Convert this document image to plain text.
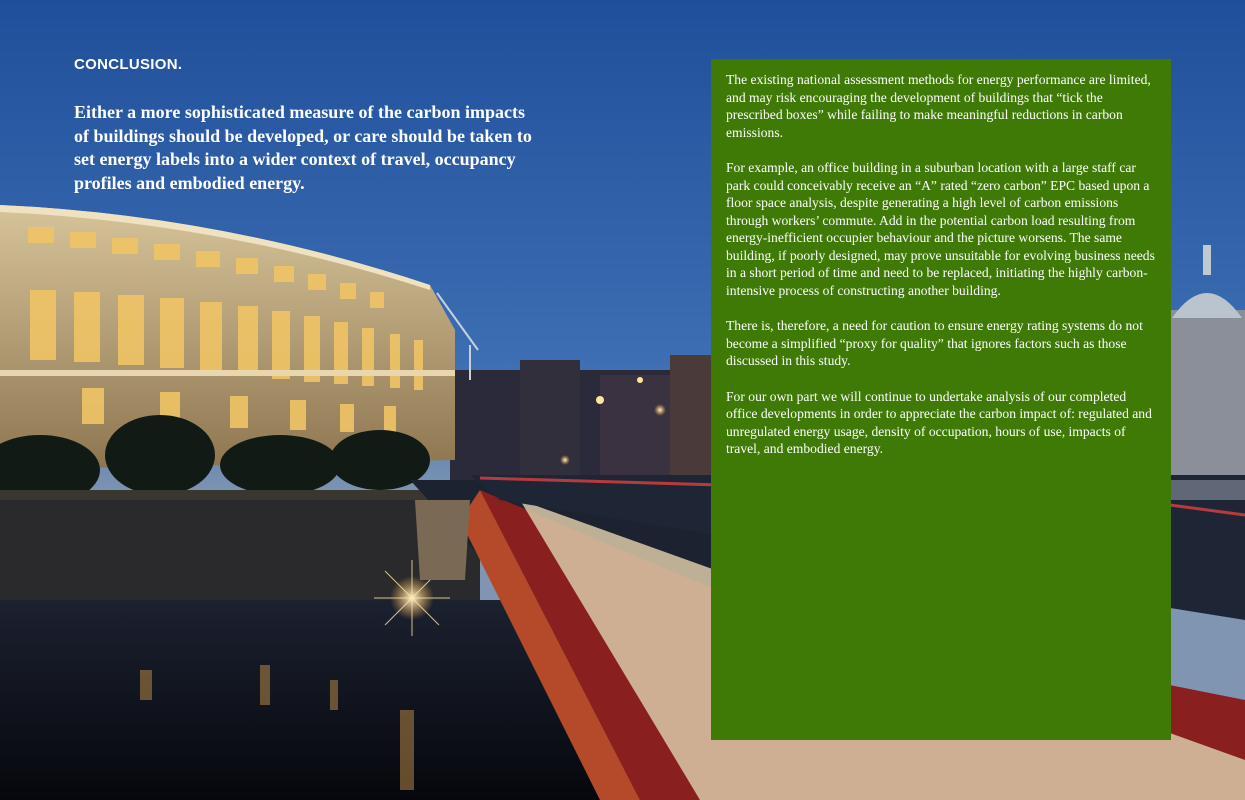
CONCLUSION.
Either a more sophisticated measure of the carbon impacts of buildings should be developed, or care should be taken to set energy labels into a wider context of travel, occupancy profiles and embodied energy.

The existing national assessment methods for energy performance are limited, and may risk encouraging the development of buildings that “tick the prescribed boxes” while failing to make meaningful reductions in carbon emissions.

For example, an office building in a suburban location with a large staff car park could conceivably receive an “A” rated “zero carbon” EPC based upon a floor space analysis, despite generating a high level of carbon emissions through workers’ commute. Add in the potential carbon load resulting from energy-inefficient occupier behaviour and the picture worsens. The same building, if poorly designed, may prove unsuitable for evolving business needs in a short period of time and need to be replaced, initiating the highly carbon-intensive process of constructing another building.

There is, therefore, a need for caution to ensure energy rating systems do not become a simplified “proxy for quality” that ignores factors such as those discussed in this study.

For our own part we will continue to undertake analysis of our completed office developments in order to appreciate the carbon impact of: regulated and unregulated energy usage, density of occupation, hours of use, impacts of travel, and embodied energy.
